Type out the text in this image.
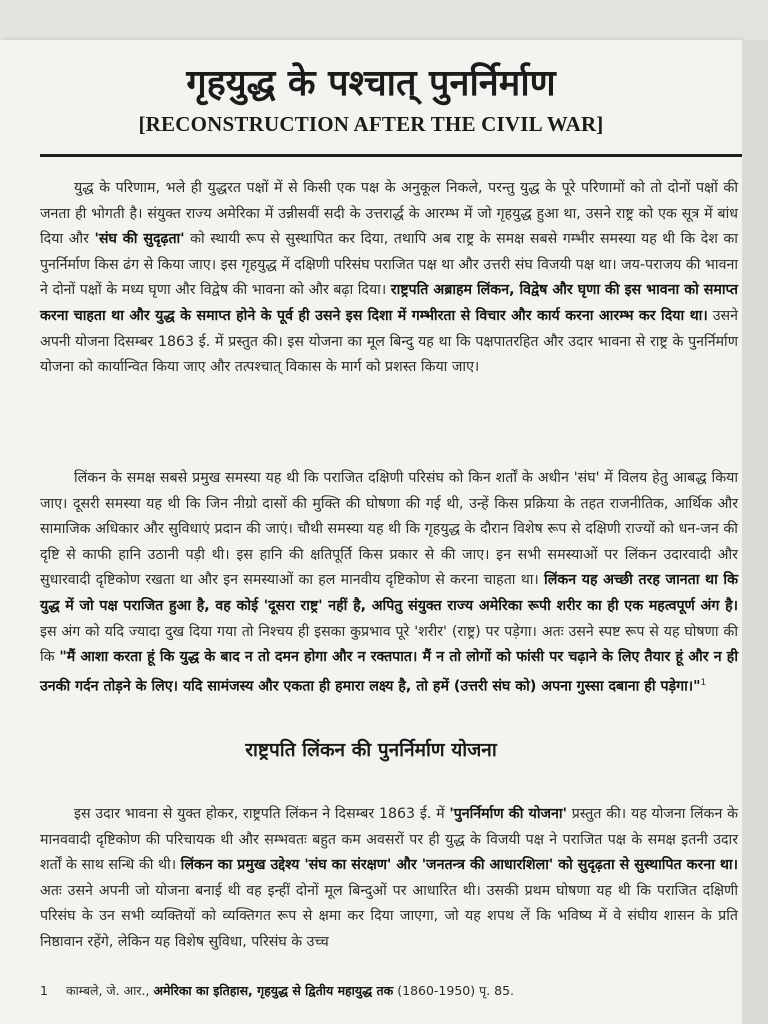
गृहयुद्ध के पश्चात् पुनर्निर्माण
[RECONSTRUCTION AFTER THE CIVIL WAR]

युद्ध के परिणाम, भले ही युद्धरत पक्षों में से किसी एक पक्ष के अनुकूल निकले, परन्तु युद्ध के पूरे परिणामों को तो दोनों पक्षों की जनता ही भोगती है। संयुक्त राज्य अमेरिका में उन्नीसवीं सदी के उत्तरार्द्ध के आरम्भ में जो गृहयुद्ध हुआ था, उसने राष्ट्र को एक सूत्र में बांध दिया और 'संघ की सुदृढ़ता' को स्थायी रूप से सुस्थापित कर दिया, तथापि अब राष्ट्र के समक्ष सबसे गम्भीर समस्या यह थी कि देश का पुनर्निर्माण किस ढंग से किया जाए। इस गृहयुद्ध में दक्षिणी परिसंघ पराजित पक्ष था और उत्तरी संघ विजयी पक्ष था। जय-पराजय की भावना ने दोनों पक्षों के मध्य घृणा और विद्वेष की भावना को और बढ़ा दिया। राष्ट्रपति अब्राहम लिंकन, विद्वेष और घृणा की इस भावना को समाप्त करना चाहता था और युद्ध के समाप्त होने के पूर्व ही उसने इस दिशा में गम्भीरता से विचार और कार्य करना आरम्भ कर दिया था। उसने अपनी योजना दिसम्बर 1863 ई. में प्रस्तुत की। इस योजना का मूल बिन्दु यह था कि पक्षपातरहित और उदार भावना से राष्ट्र के पुनर्निर्माण योजना को कार्यान्वित किया जाए और तत्पश्चात् विकास के मार्ग को प्रशस्त किया जाए।

लिंकन के समक्ष सबसे प्रमुख समस्या यह थी कि पराजित दक्षिणी परिसंघ को किन शर्तों के अधीन 'संघ' में विलय हेतु आबद्ध किया जाए। दूसरी समस्या यह थी कि जिन नीग्रो दासों की मुक्ति की घोषणा की गई थी, उन्हें किस प्रक्रिया के तहत राजनीतिक, आर्थिक और सामाजिक अधिकार और सुविधाएं प्रदान की जाएं। चौथी समस्या यह थी कि गृहयुद्ध के दौरान विशेष रूप से दक्षिणी राज्यों को धन-जन की दृष्टि से काफी हानि उठानी पड़ी थी। इस हानि की क्षतिपूर्ति किस प्रकार से की जाए। इन सभी समस्याओं पर लिंकन उदारवादी और सुधारवादी दृष्टिकोण रखता था और इन समस्याओं का हल मानवीय दृष्टिकोण से करना चाहता था। लिंकन यह अच्छी तरह जानता था कि युद्ध में जो पक्ष पराजित हुआ है, वह कोई 'दूसरा राष्ट्र' नहीं है, अपितु संयुक्त राज्य अमेरिका रूपी शरीर का ही एक महत्वपूर्ण अंग है। इस अंग को यदि ज्यादा दुख दिया गया तो निश्चय ही इसका कुप्रभाव पूरे 'शरीर' (राष्ट्र) पर पड़ेगा। अतः उसने स्पष्ट रूप से यह घोषणा की कि "मैं आशा करता हूं कि युद्ध के बाद न तो दमन होगा और न रक्तपात। मैं न तो लोगों को फांसी पर चढ़ाने के लिए तैयार हूं और न ही उनकी गर्दन तोड़ने के लिए। यदि सामंजस्य और एकता ही हमारा लक्ष्य है, तो हमें (उत्तरी संघ को) अपना गुस्सा दबाना ही पड़ेगा।"$^1$

राष्ट्रपति लिंकन की पुनर्निर्माण योजना

इस उदार भावना से युक्त होकर, राष्ट्रपति लिंकन ने दिसम्बर 1863 ई. में 'पुनर्निर्माण की योजना' प्रस्तुत की। यह योजना लिंकन के मानववादी दृष्टिकोण की परिचायक थी और सम्भवतः बहुत कम अवसरों पर ही युद्ध के विजयी पक्ष ने पराजित पक्ष के समक्ष इतनी उदार शर्तों के साथ सन्धि की थी। लिंकन का प्रमुख उद्देश्य 'संघ का संरक्षण' और 'जनतन्त्र की आधारशिला' को सुदृढ़ता से सुस्थापित करना था। अतः उसने अपनी जो योजना बनाई थी वह इन्हीं दोनों मूल बिन्दुओं पर आधारित थी। उसकी प्रथम घोषणा यह थी कि पराजित दक्षिणी परिसंघ के उन सभी व्यक्तियों को व्यक्तिगत रूप से क्षमा कर दिया जाएगा, जो यह शपथ लें कि भविष्य में वे संघीय शासन के प्रति निष्ठावान रहेंगे, लेकिन यह विशेष सुविधा, परिसंघ के उच्च

1 काम्बले, जे. आर., अमेरिका का इतिहास, गृहयुद्ध से द्वितीय महायुद्ध तक (1860-1950) पृ. 85.
